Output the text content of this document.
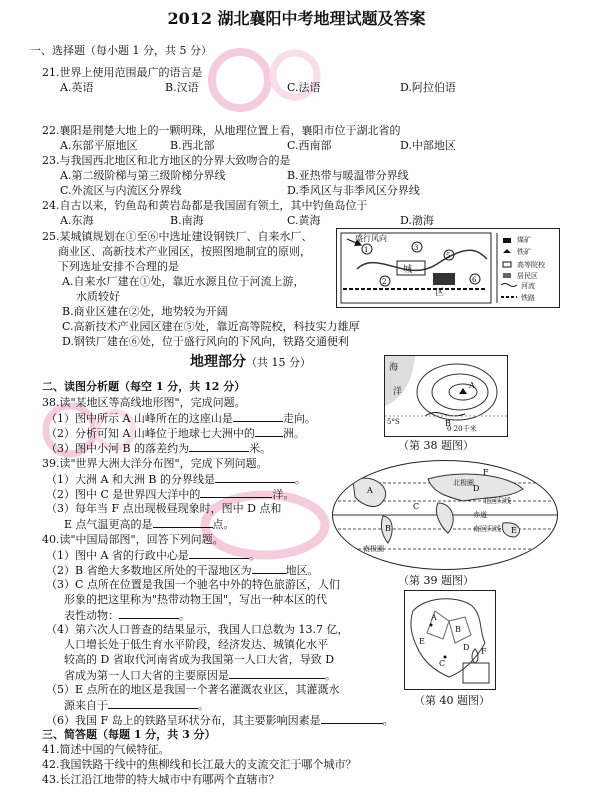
2012 湖北襄阳中考地理试题及答案
一、选择题（每小题 1 分，共 5 分）
21.世界上使用范围最广的语言是
A.英语	B.汉语	C.法语	D.阿拉伯语
22.襄阳是荆楚大地上的一颗明珠，从地理位置上看，襄阳市位于湖北省的
A.东部平原地区	B.西北部	C.西南部	D.中部地区
23.与我国西北地区和北方地区的分界大致吻合的是
A.第二级阶梯与第三级阶梯分界线	B.亚热带与暖温带分界线
C.外流区与内流区分界线	D.季风区与非季风区分界线
24.自古以来，钓鱼岛和黄岩岛都是我国固有领土，其中钓鱼岛位于
A.东海	B.南海	C.黄海	D.渤海
25.某城镇规划在①至⑥中选址建设钢铁厂、自来水厂、
商业区、高新技术产业园区，按照图地制宜的原则，
下列选址安排不合理的是
A.自来水厂建在①处，靠近水源且位于河流上游，
水质较好
B.商业区建在②处，地势较为开阔
C.高新技术产业园区建在⑤处，靠近高等院校，科技实力雄厚
D.钢铁厂建在⑥处，位于盛行风向的下风向，铁路交通便利
1
2
3
5
6
盛行风向
城
区
煤矿
铁矿
高等院校
居民区
河流
铁路
地理部分（共 15 分）
二、读图分析题（每空 1 分，共 12 分）
38.读"某地区等高线地形图"，完成问题。
（1）图中所示 A 山峰所在的这座山是	走向。
（2）分析可知 A 山峰位于地球七大洲中的	洲。
（3）图中小河 B 的落差约为	米。
A
B
海
洋
5°S
0 20千米
（第 38 题图）
39.读"世界大洲大洋分布图"，完成下列问题。
（1）大洲 A 和大洲 B 的分界线是	。
（2）图中 C 是世界四大洋中的	洋。
（3）每年当 F 点出现极昼现象时，图中 D 点和
E 点气温更高的是	点。
A
B
C
D
E
F
北极圈
北回归线
赤道
南回归线
南极圈
（第 39 题图）
40.读"中国局部图"，回答下列问题。
（1）图中 A 省的行政中心是	。
（2）B 省绝大多数地区所处的干湿地区为	地区。
（3）C 点所在位置是我国一个驰名中外的特色旅游区，人们
形象的把这里称为"热带动物王国"，写出一种本区的代
表性动物：	。
（4）第六次人口普查的结果显示，我国人口总数为 13.7 亿，
人口增长处于低生育水平阶段，经济发达、城镇化水平
较高的 D 省取代河南省成为我国第一人口大省，导致 D
省成为第一人口大省的主要原因是	。
（5）E 点所在的地区是我国一个著名灌溉农业区，其灌溉水
源来自于	。
（6）我国 F 岛上的铁路呈环状分布，其主要影响因素是	。
A
B
C
D
E
F
（第 40 题图）
三、简答题（每题 1 分，共 3 分）
41.简述中国的气候特征。
42.我国铁路干线中的焦柳线和长江最大的支流交汇于哪个城市？
43.长江沿江地带的特大城市中有哪两个直辖市？
